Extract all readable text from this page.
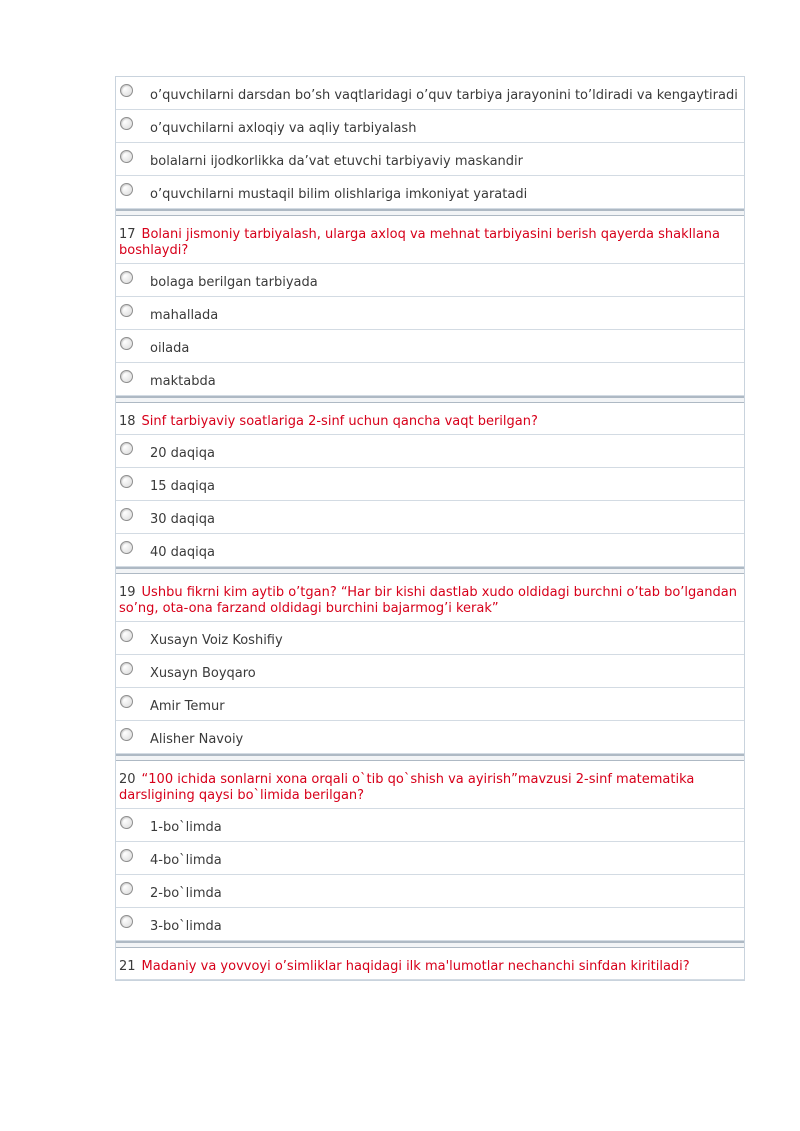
o’quvchilarni darsdan bo’sh vaqtlaridagi o’quv tarbiya jarayonini to’ldiradi va kengaytiradi
o’quvchilarni axloqiy va aqliy tarbiyalash
bolalarni ijodkorlikka da’vat etuvchi tarbiyaviy maskandir
o’quvchilarni mustaqil bilim olishlariga imkoniyat yaratadi
17 Bolani jismoniy tarbiyalash, ularga axloq va mehnat tarbiyasini berish qayerda shakllana boshlaydi?
bolaga berilgan tarbiyada
mahallada
oilada
maktabda
18 Sinf tarbiyaviy soatlariga 2-sinf uchun qancha vaqt berilgan?
20 daqiqa
15 daqiqa
30 daqiqa
40 daqiqa
19 Ushbu fikrni kim aytib o’tgan? “Har bir kishi dastlab xudo oldidagi burchni o’tab bo’lgandan so’ng, ota-ona farzand oldidagi burchini bajarmog’i kerak”
Xusayn Voiz Koshifiy
Xusayn Boyqaro
Amir Temur
Alisher Navoiy
20 “100 ichida sonlarni xona orqali o`tib qo`shish va ayirish”mavzusi 2-sinf matematika darsligining qaysi bo`limida berilgan?
1-bo`limda
4-bo`limda
2-bo`limda
3-bo`limda
21 Madaniy va yovvoyi o’simliklar haqidagi ilk ma'lumotlar nechanchi sinfdan kiritiladi?
